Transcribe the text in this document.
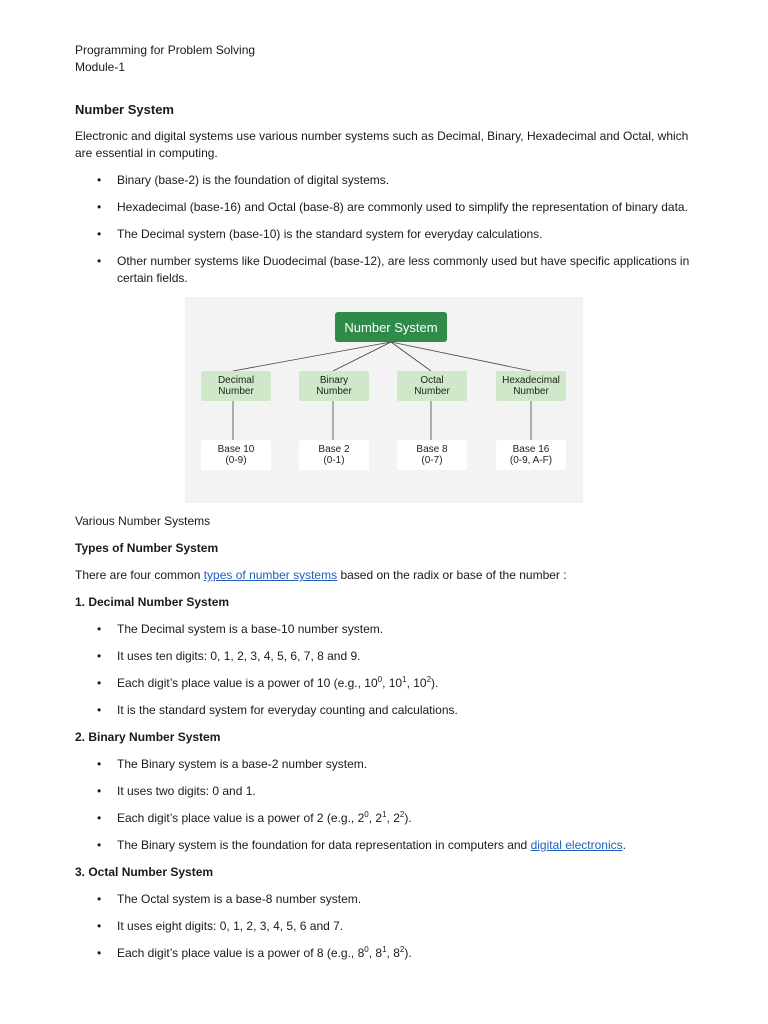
Programming for Problem Solving
Module-1
Number System

Electronic and digital systems use various number systems such as Decimal, Binary, Hexadecimal and Octal, which are essential in computing.

• Binary (base-2) is the foundation of digital systems.
• Hexadecimal (base-16) and Octal (base-8) are commonly used to simplify the representation of binary data.
• The Decimal system (base-10) is the standard system for everyday calculations.
• Other number systems like Duodecimal (base-12), are less commonly used but have specific applications in certain fields.
Number System
Decimal
Number
Binary
Number
Octal
Number
Hexadecimal
Number
Base 10
(0-9)
Base 2
(0-1)
Base 8
(0-7)
Base 16
(0-9, A-F)

Various Number Systems

Types of Number System

There are four common types of number systems based on the radix or base of the number :

1. Decimal Number System

• The Decimal system is a base-10 number system.
• It uses ten digits: 0, 1, 2, 3, 4, 5, 6, 7, 8 and 9.
• Each digit’s place value is a power of 10 (e.g., $10^0$, $10^1$, $10^2$).
• It is the standard system for everyday counting and calculations.

2. Binary Number System

• The Binary system is a base-2 number system.
• It uses two digits: 0 and 1.
• Each digit’s place value is a power of 2 (e.g., $2^0$, $2^1$, $2^2$).
• The Binary system is the foundation for data representation in computers and digital electronics.

3. Octal Number System

• The Octal system is a base-8 number system.
• It uses eight digits: 0, 1, 2, 3, 4, 5, 6 and 7.
• Each digit’s place value is a power of 8 (e.g., $8^0$, $8^1$, $8^2$).
